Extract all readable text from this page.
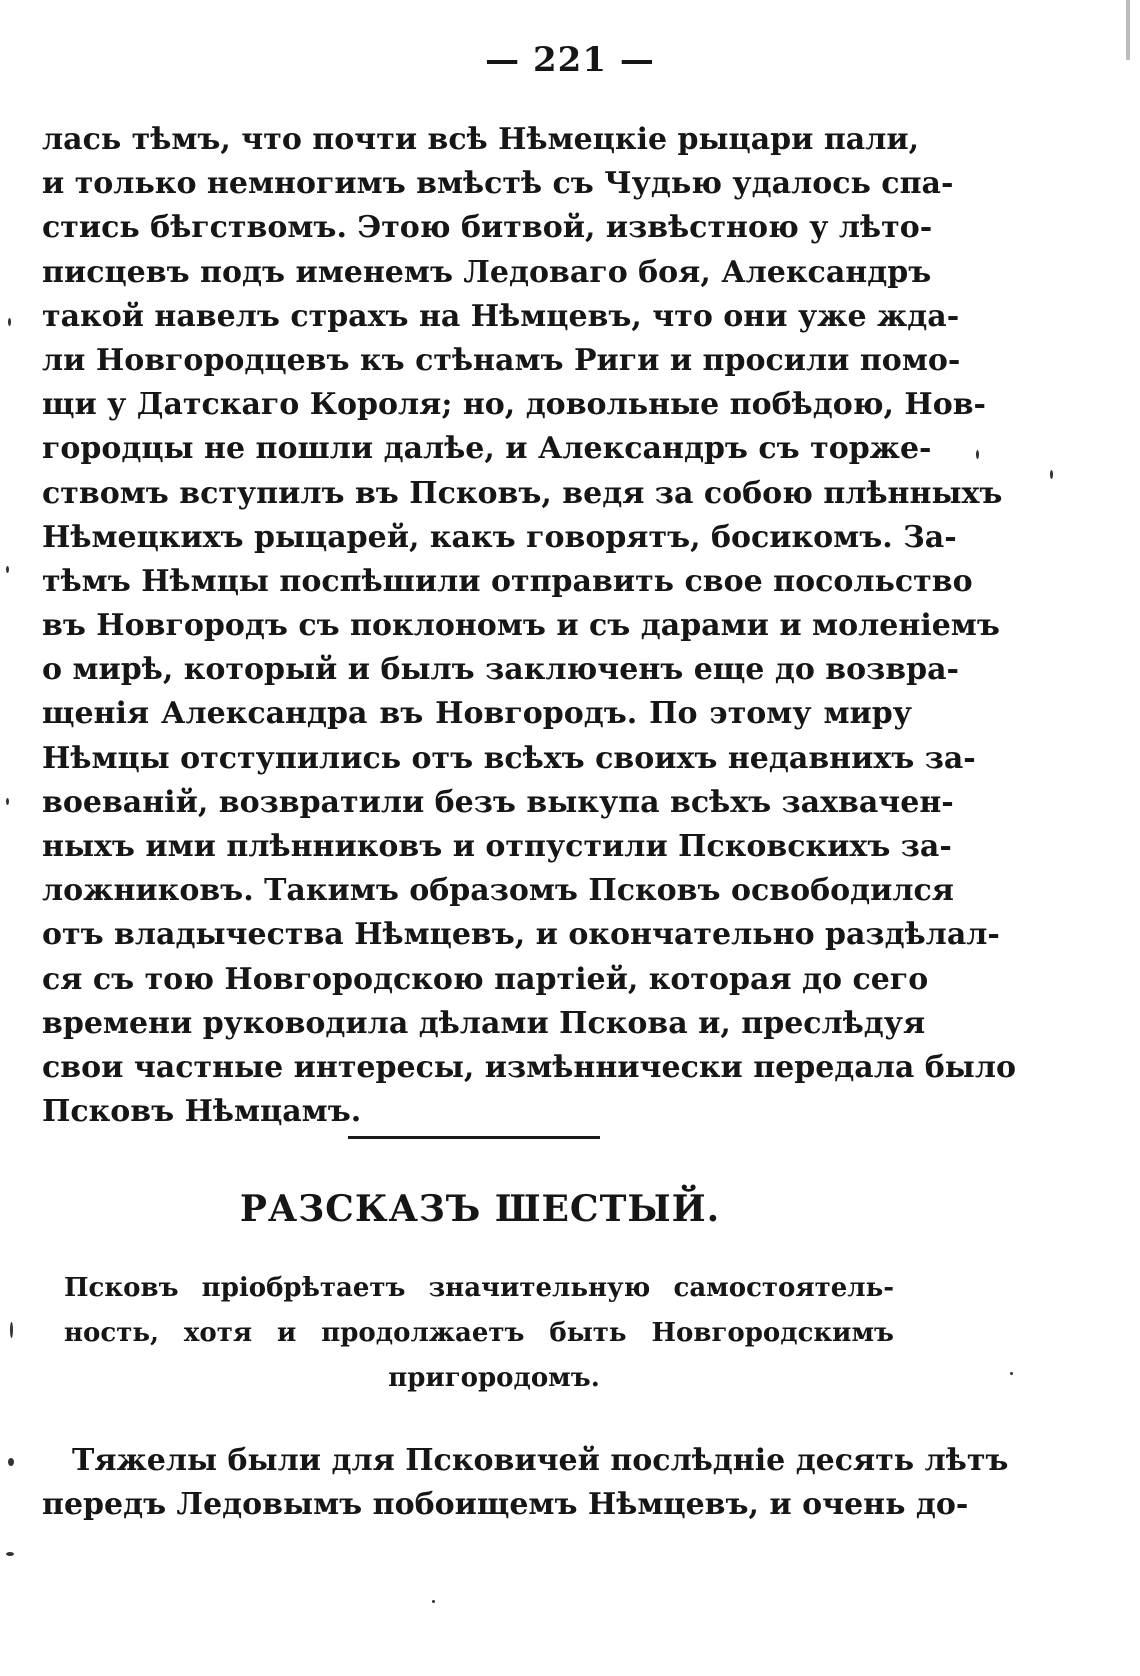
— 221 —
лась тѣмъ, что почти всѣ Нѣмецкіе рыцари пали,
и только немногимъ вмѣстѣ съ Чудью удалось спа-
стись бѣгствомъ. Этою битвой, извѣстною у лѣто-
писцевъ подъ именемъ Ледоваго боя, Александръ
такой навелъ страхъ на Нѣмцевъ, что они уже жда-
ли Новгородцевъ къ стѣнамъ Риги и просили помо-
щи у Датскаго Короля; но, довольные побѣдою, Нов-
городцы не пошли далѣе, и Александръ съ торже-
ствомъ вступилъ въ Псковъ, ведя за собою плѣнныхъ
Нѣмецкихъ рыцарей, какъ говорятъ, босикомъ. За-
тѣмъ Нѣмцы поспѣшили отправить свое посольство
въ Новгородъ съ поклономъ и съ дарами и моленіемъ
о мирѣ, который и былъ заключенъ еще до возвра-
щенія Александра въ Новгородъ. По этому миру
Нѣмцы отступились отъ всѣхъ своихъ недавнихъ за-
воеваній, возвратили безъ выкупа всѣхъ захвачен-
ныхъ ими плѣнниковъ и отпустили Псковскихъ за-
ложниковъ. Такимъ образомъ Псковъ освободился
отъ владычества Нѣмцевъ, и окончательно раздѣлал-
ся съ тою Новгородскою партіей, которая до сего
времени руководила дѣлами Пскова и, преслѣдуя
свои частные интересы, измѣннически передала было
Псковъ Нѣмцамъ.
РАЗСКАЗЪ ШЕСТЫЙ.
Псковъ пріобрѣтаетъ значительную самостоятель-
ность, хотя и продолжаетъ быть Новгородскимъ
пригородомъ.
Тяжелы были для Псковичей послѣдніе десять лѣтъ
передъ Ледовымъ побоищемъ Нѣмцевъ, и очень до-
